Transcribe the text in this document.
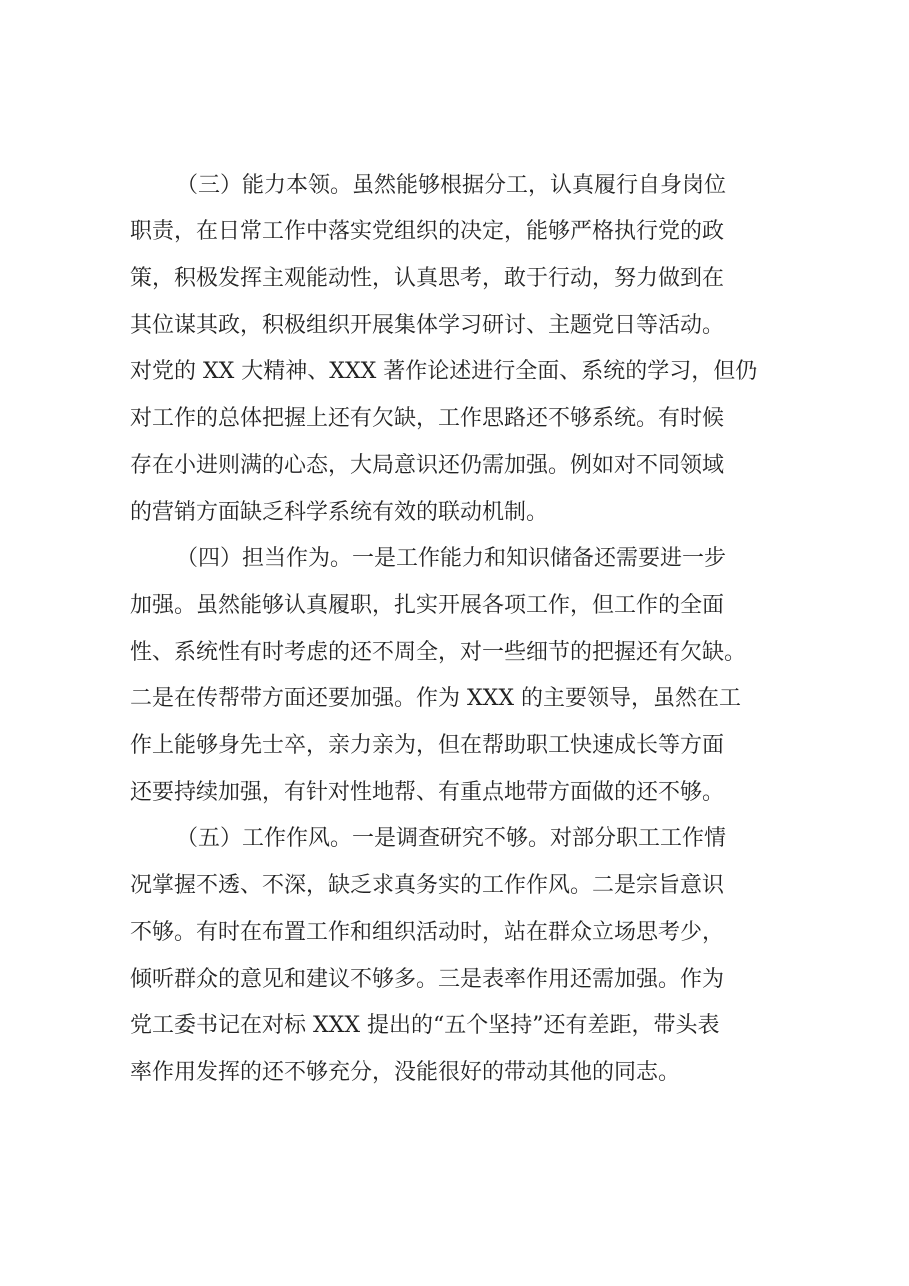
（三）能力本领。虽然能够根据分工，认真履行自身岗位
职责，在日常工作中落实党组织的决定，能够严格执行党的政
策，积极发挥主观能动性，认真思考，敢于行动，努力做到在
其位谋其政，积极组织开展集体学习研讨、主题党日等活动。
对党的 XX 大精神、XXX 著作论述进行全面、系统的学习，但仍
对工作的总体把握上还有欠缺，工作思路还不够系统。有时候
存在小进则满的心态，大局意识还仍需加强。例如对不同领域
的营销方面缺乏科学系统有效的联动机制。
（四）担当作为。一是工作能力和知识储备还需要进一步
加强。虽然能够认真履职，扎实开展各项工作，但工作的全面
性、系统性有时考虑的还不周全，对一些细节的把握还有欠缺。
二是在传帮带方面还要加强。作为 XXX 的主要领导，虽然在工
作上能够身先士卒，亲力亲为，但在帮助职工快速成长等方面
还要持续加强，有针对性地帮、有重点地带方面做的还不够。
（五）工作作风。一是调查研究不够。对部分职工工作情
况掌握不透、不深，缺乏求真务实的工作作风。二是宗旨意识
不够。有时在布置工作和组织活动时，站在群众立场思考少，
倾听群众的意见和建议不够多。三是表率作用还需加强。作为
党工委书记在对标 XXX 提出的“五个坚持”还有差距，带头表
率作用发挥的还不够充分，没能很好的带动其他的同志。
